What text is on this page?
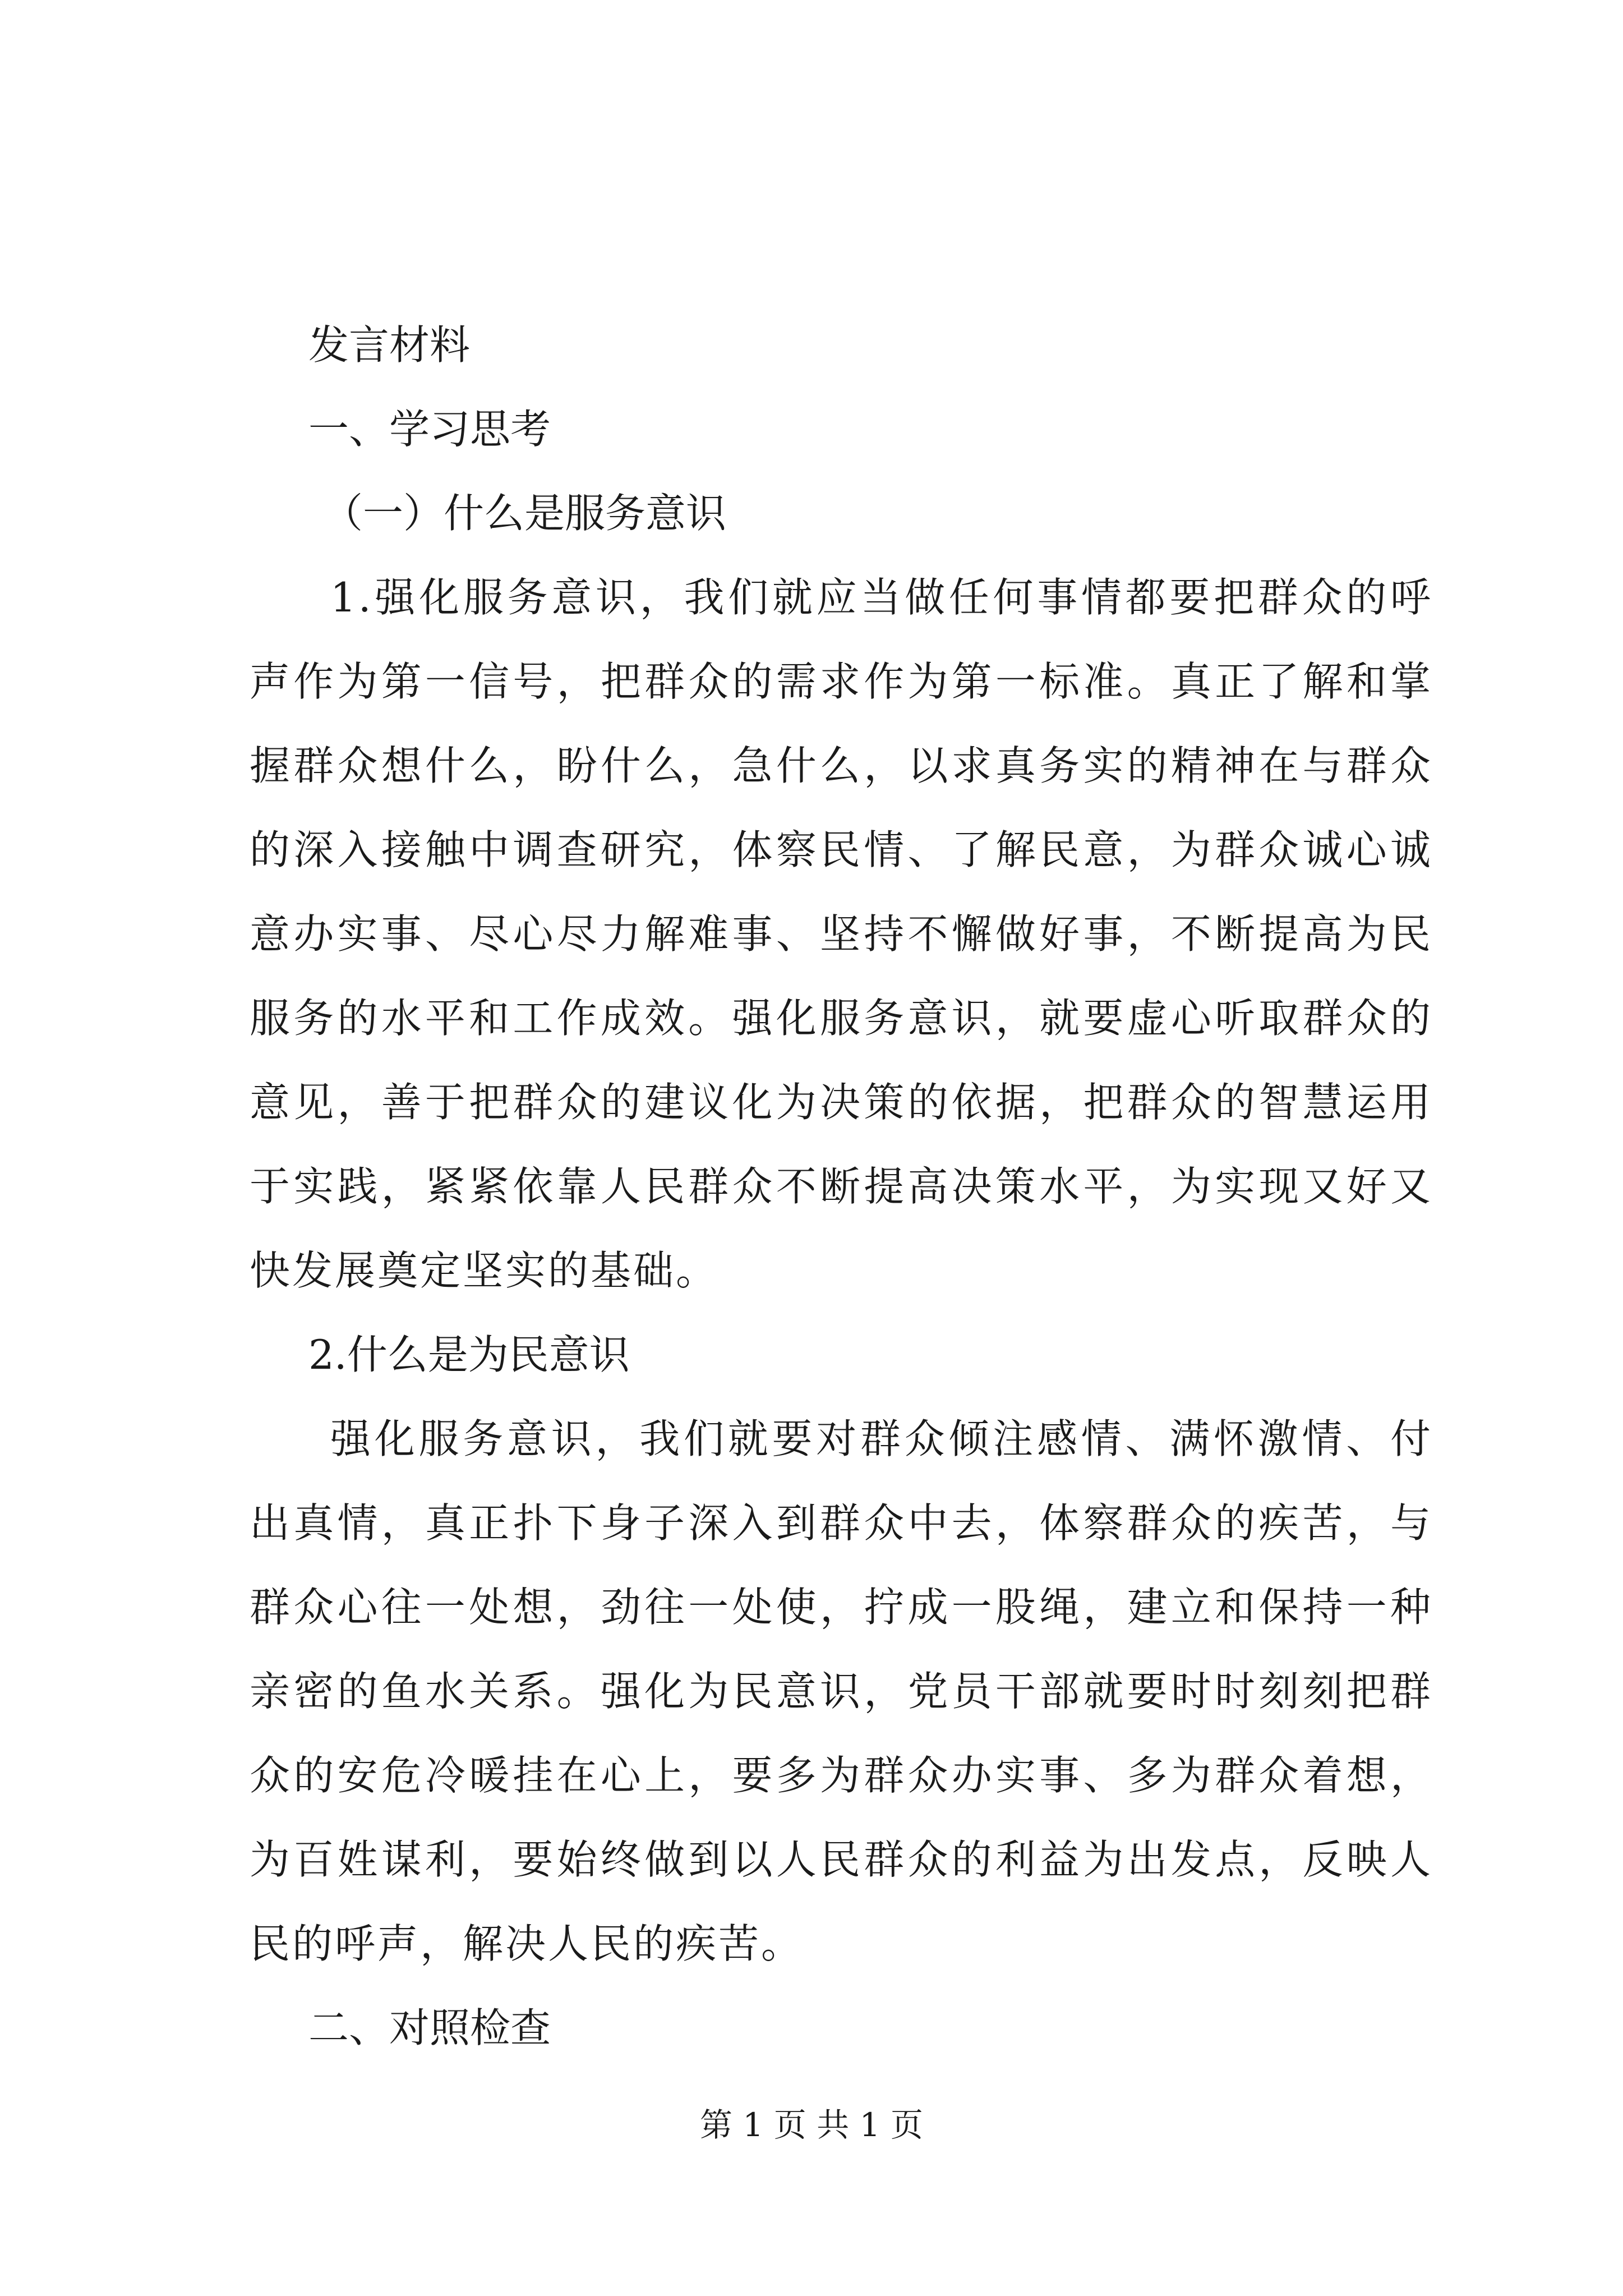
发言材料

一、学习思考

（一）什么是服务意识

1.强化服务意识，我们就应当做任何事情都要把群众的呼声作为第一信号，把群众的需求作为第一标准。真正了解和掌握群众想什么，盼什么，急什么，以求真务实的精神在与群众的深入接触中调查研究，体察民情、了解民意，为群众诚心诚意办实事、尽心尽力解难事、坚持不懈做好事，不断提高为民服务的水平和工作成效。强化服务意识，就要虚心听取群众的意见，善于把群众的建议化为决策的依据，把群众的智慧运用于实践，紧紧依靠人民群众不断提高决策水平，为实现又好又快发展奠定坚实的基础。

2.什么是为民意识

强化服务意识，我们就要对群众倾注感情、满怀激情、付出真情，真正扑下身子深入到群众中去，体察群众的疾苦，与群众心往一处想，劲往一处使，拧成一股绳，建立和保持一种亲密的鱼水关系。强化为民意识，党员干部就要时时刻刻把群众的安危冷暖挂在心上，要多为群众办实事、多为群众着想，为百姓谋利，要始终做到以人民群众的利益为出发点，反映人民的呼声，解决人民的疾苦。

二、对照检查

第 1 页 共 1 页
